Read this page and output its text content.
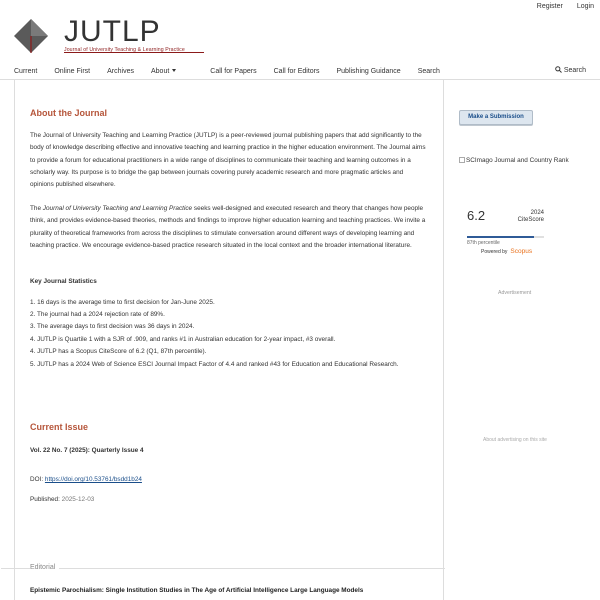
Register Login
JUTLP
Journal of University Teaching & Learning Practice
Current Online First Archives About	Call for Papers Call for Editors Publishing Guidance Search	Search
About the Journal
The Journal of University Teaching and Learning Practice (JUTLP) is a peer-reviewed journal publishing papers that add significantly to the body of knowledge describing effective and innovative teaching and learning practice in the higher education environment. The Journal aims to provide a forum for educational practitioners in a wide range of disciplines to communicate their teaching and learning outcomes in a scholarly way. Its purpose is to bridge the gap between journals covering purely academic research and more pragmatic articles and opinions published elsewhere.
The Journal of University Teaching and Learning Practice seeks well-designed and executed research and theory that changes how people think, and provides evidence-based theories, methods and findings to improve higher education learning and teaching practices. We invite a plurality of theoretical frameworks from across the disciplines to stimulate conversation around different ways of developing learning and teaching practice. We encourage evidence-based practice research situated in the local context and the broader international literature.
Key Journal Statistics
1. 16 days is the average time to first decision for Jan-June 2025.
2. The journal had a 2024 rejection rate of 89%.
3. The average days to first decision was 36 days in 2024.
4. JUTLP is Quartile 1 with a SJR of .909, and ranks #1 in Australian education for 2-year impact, #3 overall.
4. JUTLP has a Scopus CiteScore of 6.2 (Q1, 87th percentile).
5. JUTLP has a 2024 Web of Science ESCI Journal Impact Factor of 4.4 and ranked #43 for Education and Educational Research.
Current Issue
Vol. 22 No. 7 (2025): Quarterly Issue 4
DOI: https://doi.org/10.53761/bsdd1b24
Published: 2025-12-03
Editorial
Epistemic Parochialism: Single Institution Studies in The Age of Artificial Intelligence Large Language Models
Make a Submission
SCImago Journal and Country Rank
6.2	2024
CiteScore
87th percentile
Powered by Scopus
Advertisement
About advertising on this site
